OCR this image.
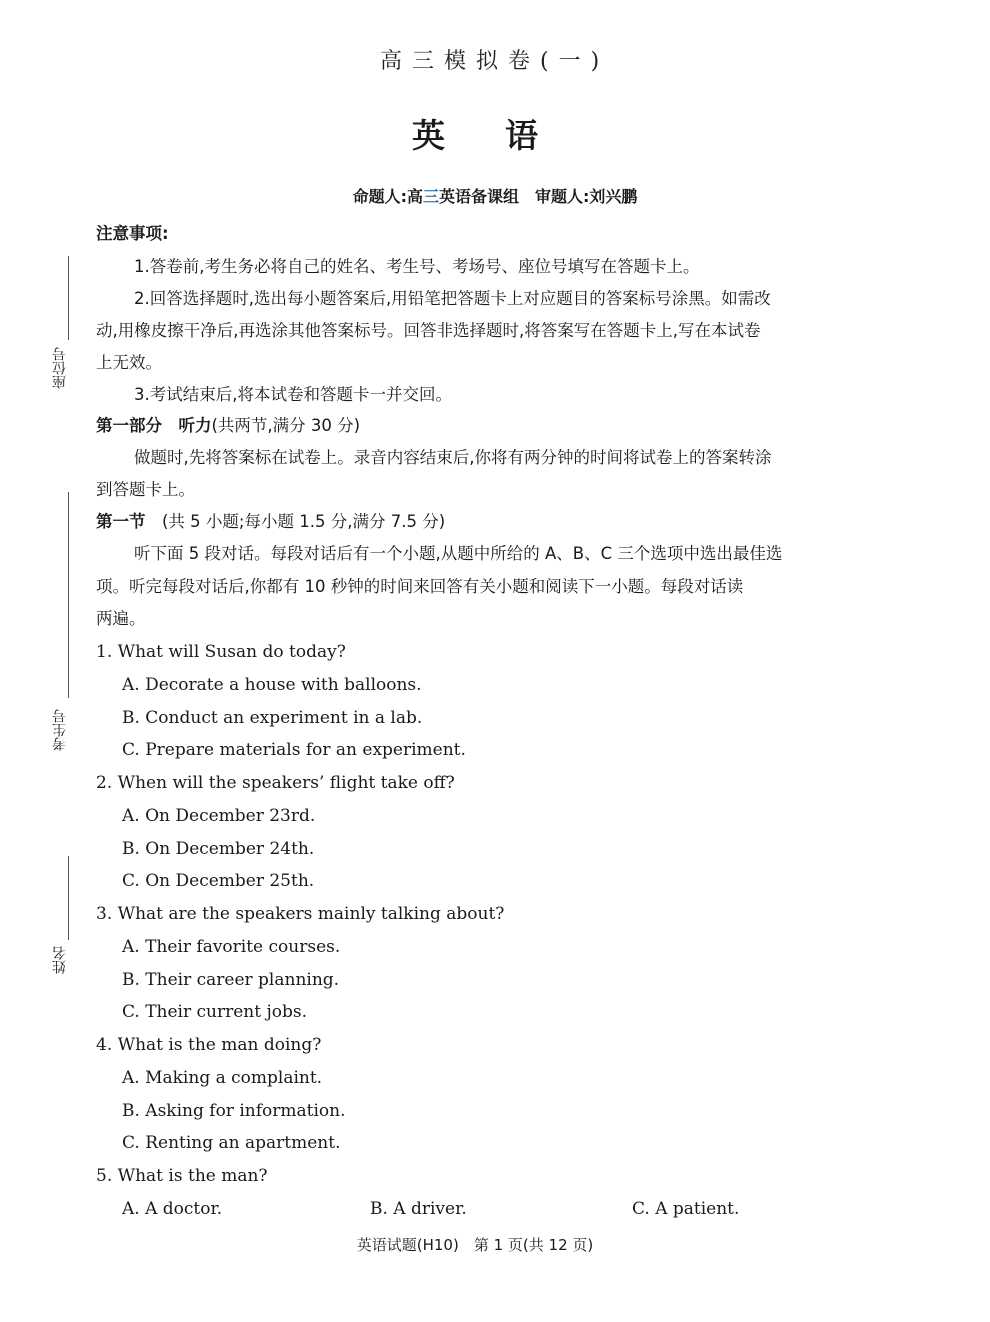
高三模拟卷(一)
英语
命题人:高三英语备课组　审题人:刘兴鹏
座位号
考生号
姓名
注意事项:
1.答卷前,考生务必将自己的姓名、考生号、考场号、座位号填写在答题卡上。
2.回答选择题时,选出每小题答案后,用铅笔把答题卡上对应题目的答案标号涂黑。如需改
动,用橡皮擦干净后,再选涂其他答案标号。回答非选择题时,将答案写在答题卡上,写在本试卷
上无效。
3.考试结束后,将本试卷和答题卡一并交回。
第一部分　听力(共两节,满分 30 分)
做题时,先将答案标在试卷上。录音内容结束后,你将有两分钟的时间将试卷上的答案转涂
到答题卡上。
第一节　 (共 5 小题;每小题 1.5 分,满分 7.5 分)
听下面 5 段对话。每段对话后有一个小题,从题中所给的 A、B、C 三个选项中选出最佳选
项。听完每段对话后,你都有 10 秒钟的时间来回答有关小题和阅读下一小题。每段对话读
两遍。
1. What will Susan do today?
A. Decorate a house with balloons.
B. Conduct an experiment in a lab.
C. Prepare materials for an experiment.
2. When will the speakers’ flight take off?
A. On December 23rd.
B. On December 24th.
C. On December 25th.
3. What are the speakers mainly talking about?
A. Their favorite courses.
B. Their career planning.
C. Their current jobs.
4. What is the man doing?
A. Making a complaint.
B. Asking for information.
C. Renting an apartment.
5. What is the man?
A. A doctor.	B. A driver.	C. A patient.
英语试题(H10)　第 1 页(共 12 页)
